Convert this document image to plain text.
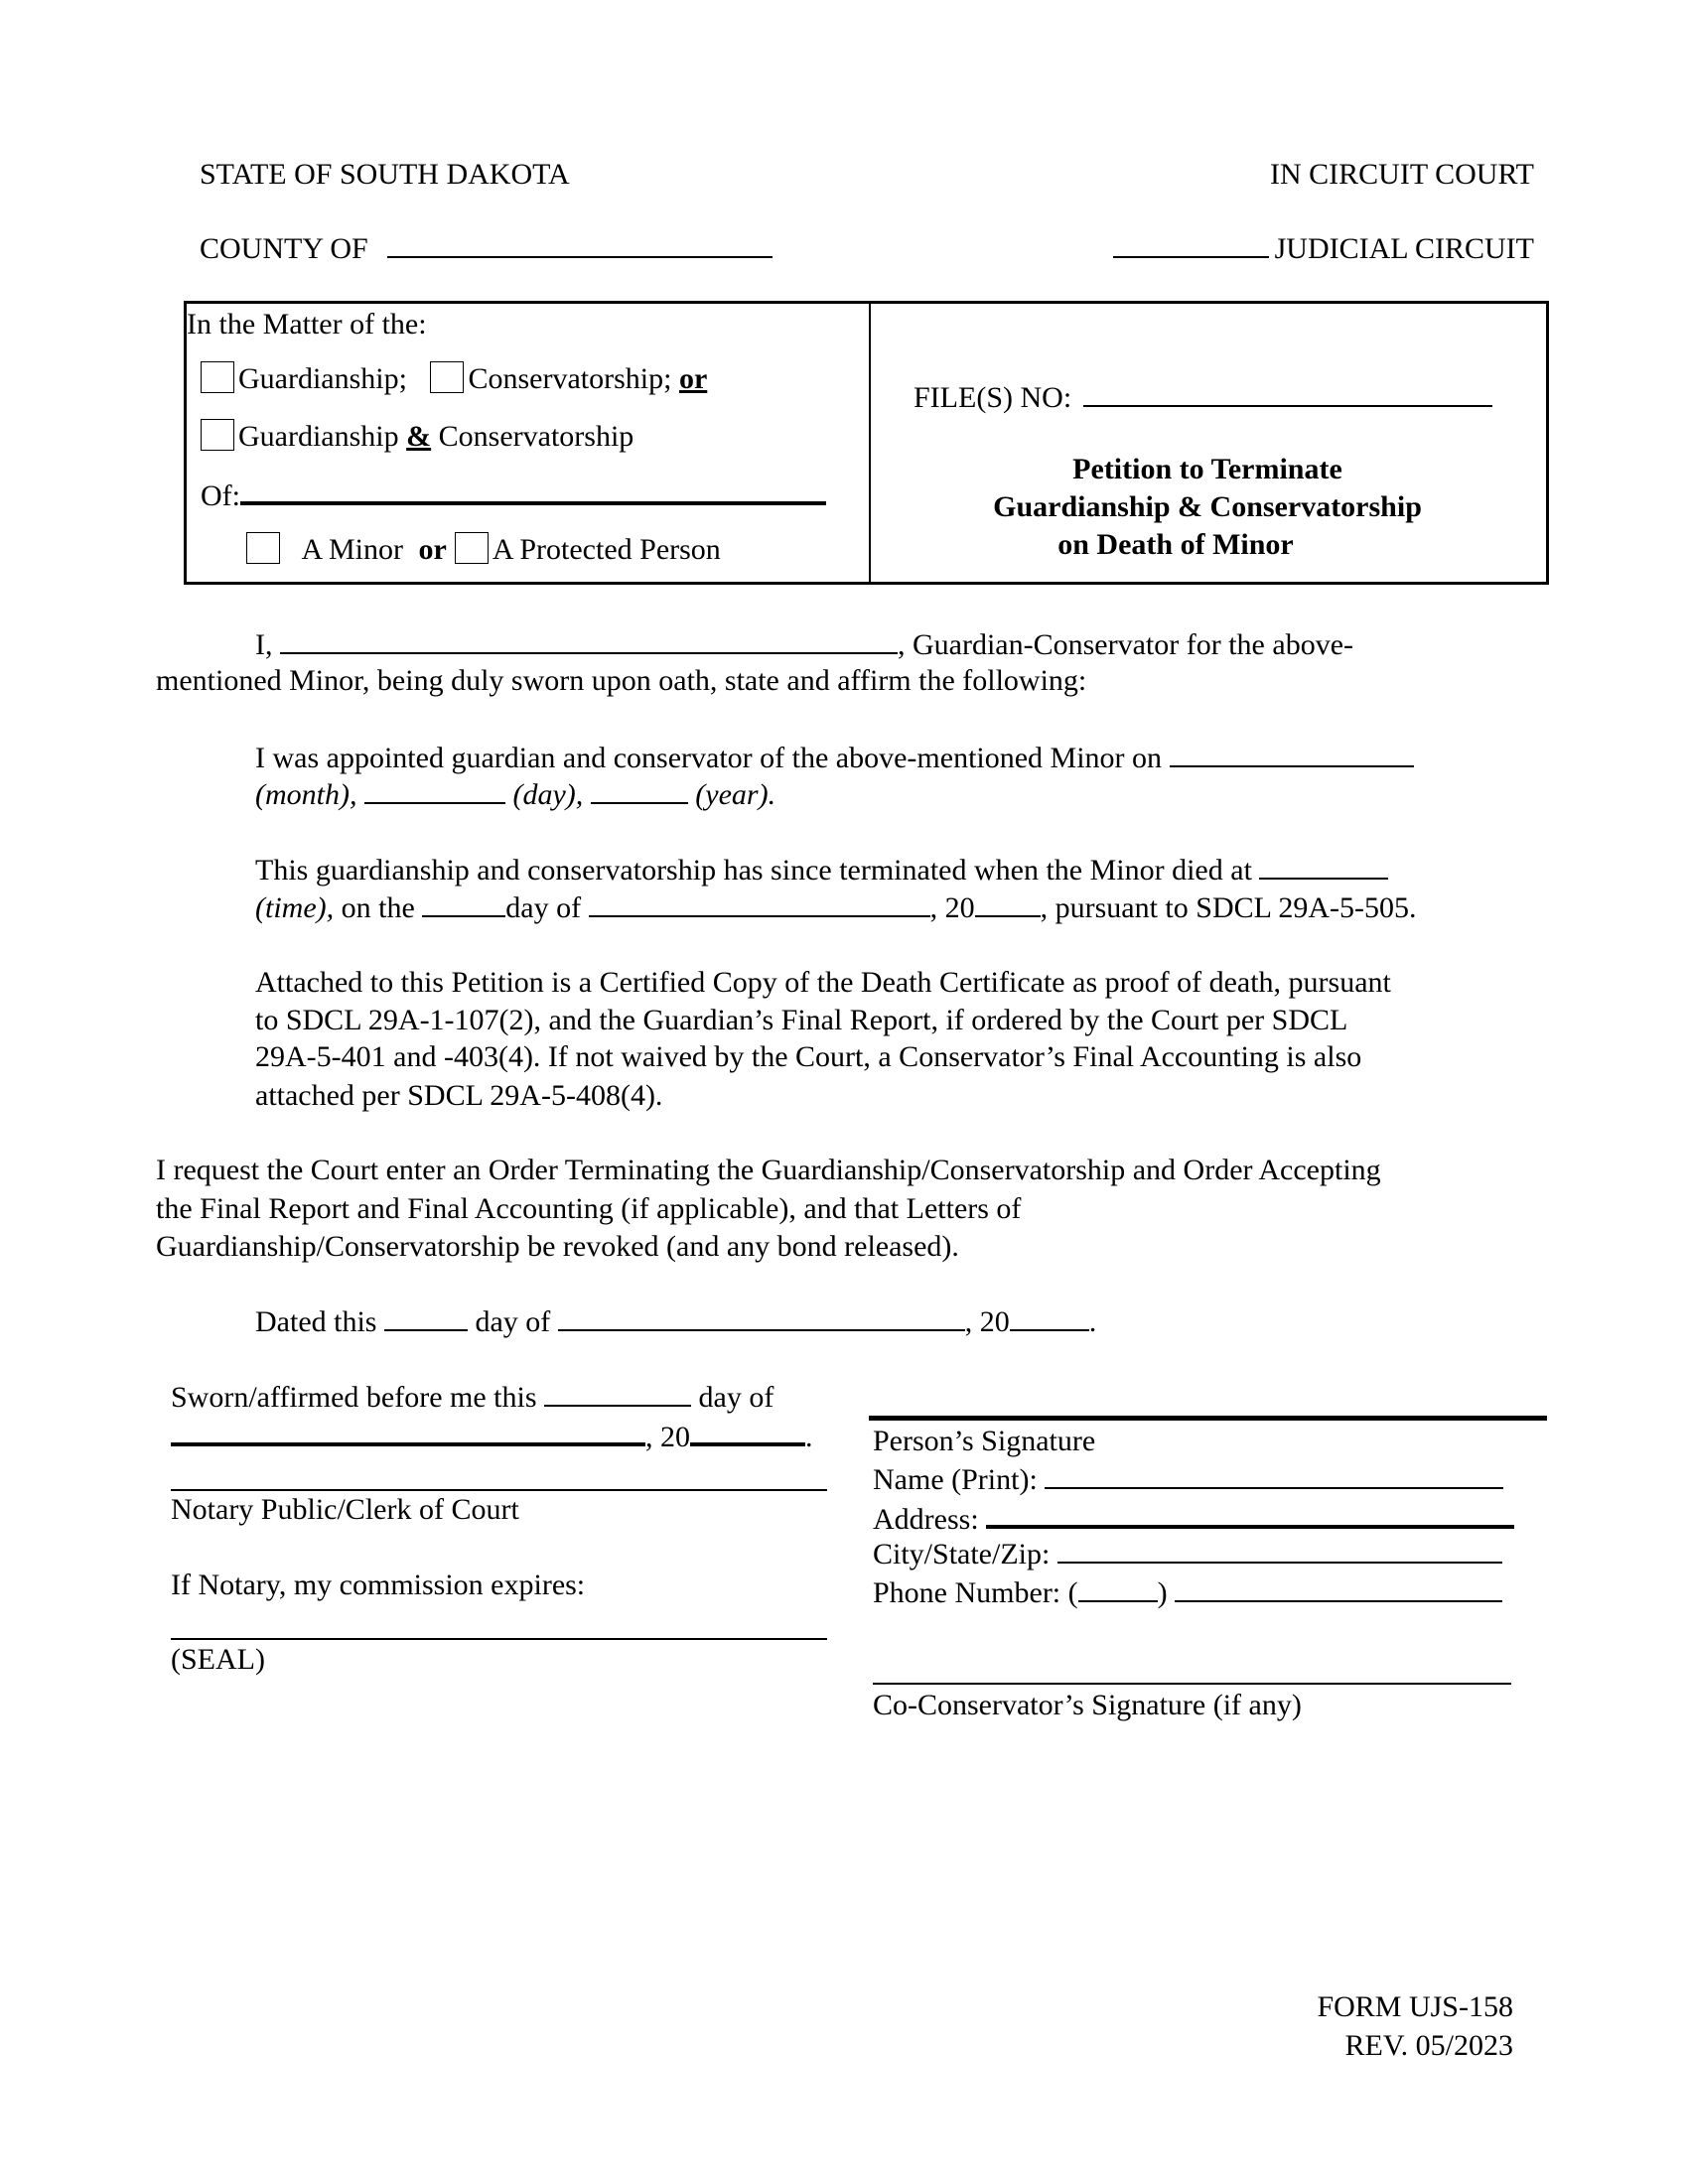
STATE OF SOUTH DAKOTA	IN CIRCUIT COURT
COUNTY OF	JUDICIAL CIRCUIT
In the Matter of the:
Guardianship; Conservatorship; or
Guardianship & Conservatorship
Of:
A Minor or A Protected Person
FILE(S) NO:
Petition to Terminate
Guardianship & Conservatorship
on Death of Minor
I,	, Guardian-Conservator for the above-
mentioned Minor, being duly sworn upon oath, state and affirm the following:
I was appointed guardian and conservator of the above-mentioned Minor on
(month),	(day),	(year).
This guardianship and conservatorship has since terminated when the Minor died at
(time), on the	day of	, 20 , pursuant to SDCL 29A-5-505.
Attached to this Petition is a Certified Copy of the Death Certificate as proof of death, pursuant
to SDCL 29A-1-107(2), and the Guardian’s Final Report, if ordered by the Court per SDCL
29A-5-401 and -403(4). If not waived by the Court, a Conservator’s Final Accounting is also
attached per SDCL 29A-5-408(4).
I request the Court enter an Order Terminating the Guardianship/Conservatorship and Order Accepting
the Final Report and Final Accounting (if applicable), and that Letters of
Guardianship/Conservatorship be revoked (and any bond released).
Dated this	day of	, 20	.
Sworn/affirmed before me this	day of
, 20	.
Notary Public/Clerk of Court
If Notary, my commission expires:
(SEAL)
Person’s Signature
Name (Print):
Address:
City/State/Zip:
Phone Number: (	)
Co-Conservator’s Signature (if any)
FORM UJS-158
REV. 05/2023
